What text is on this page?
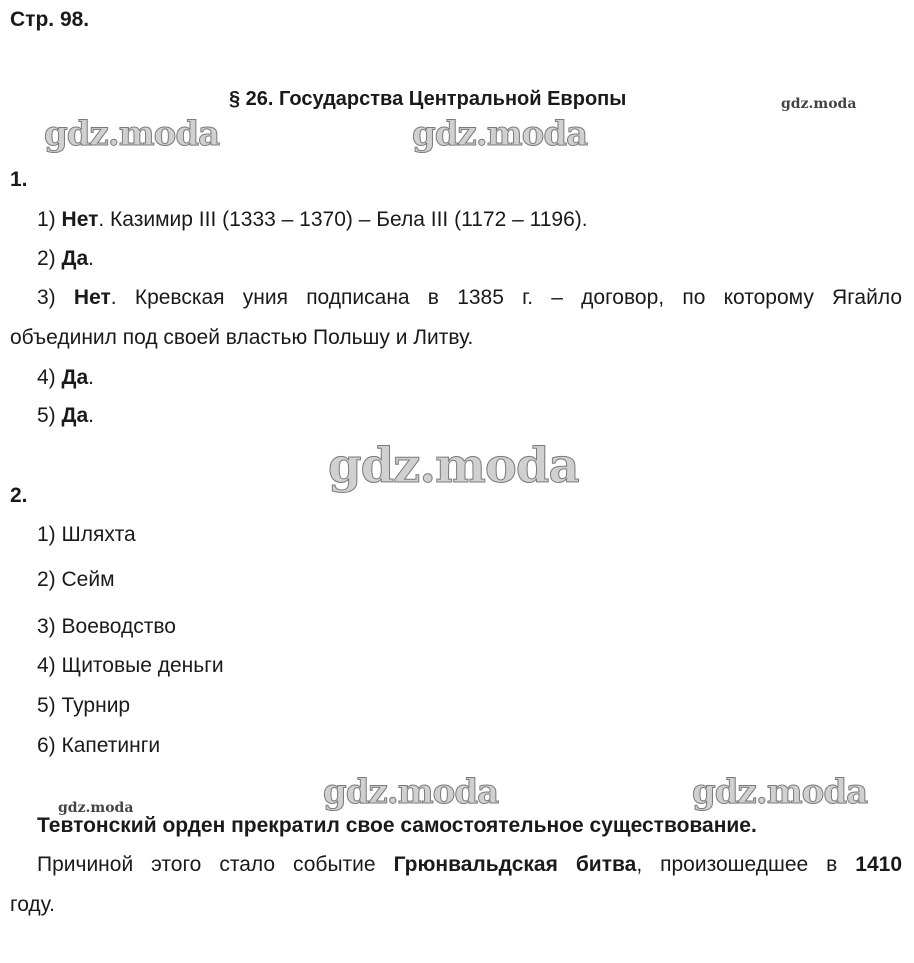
Стр. 98.
§ 26. Государства Центральной Европы	gdz.moda
gdz.moda	gdz.moda
gdz.moda
gdz.moda	gdz.moda
gdz.moda
1.
1) Нет. Казимир III (1333 – 1370) – Бела III (1172 – 1196).
2) Да.
3) Нет. Кревская уния подписана в 1385 г. – договор, по которому Ягайло
объединил под своей властью Польшу и Литву.
4) Да.
5) Да.
2.
1) Шляхта
2) Сейм
3) Воеводство
4) Щитовые деньги
5) Турнир
6) Капетинги
Тевтонский орден прекратил свое самостоятельное существование.
Причиной этого стало событие Грюнвальдская битва, произошедшее в 1410
году.
